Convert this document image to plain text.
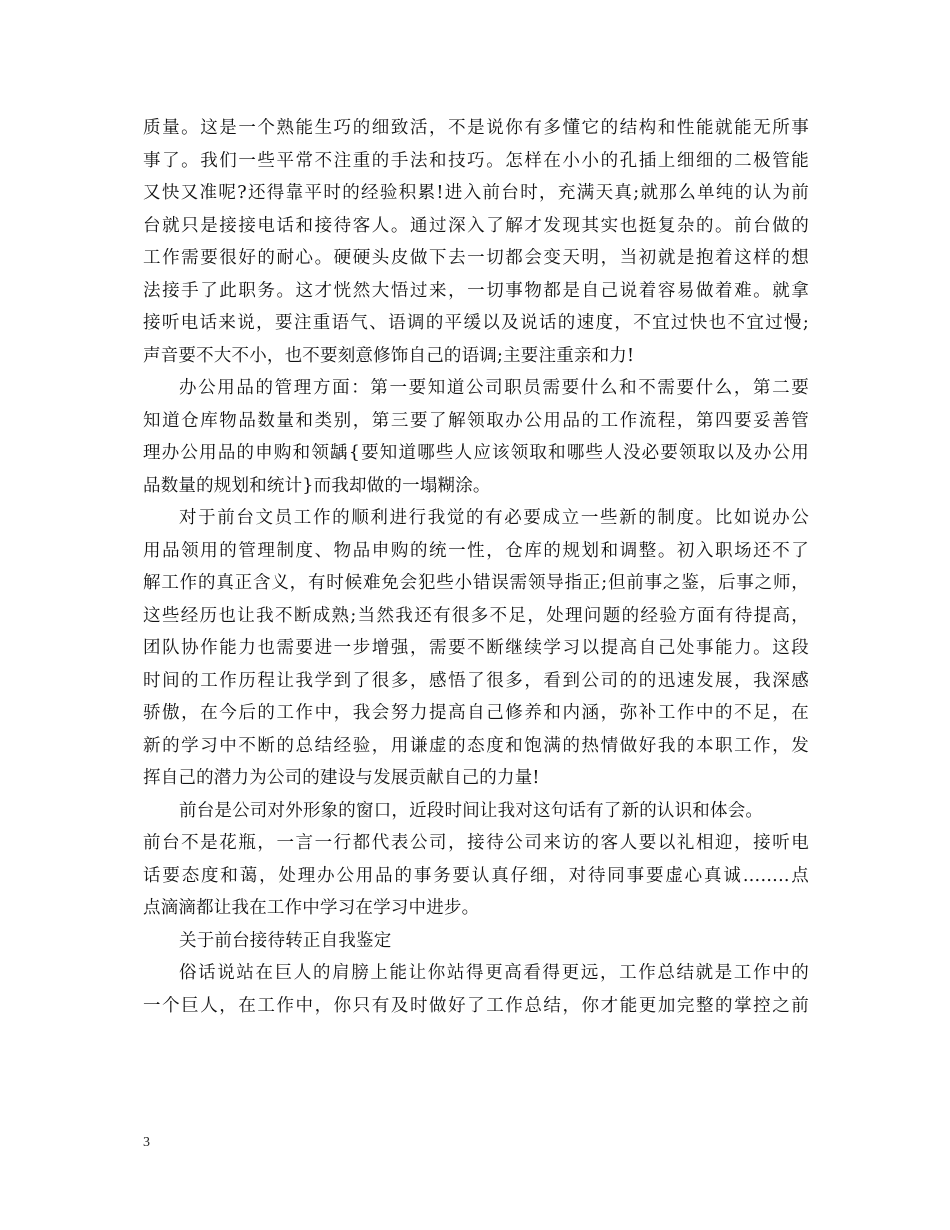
质量。这是一个熟能生巧的细致活，不是说你有多懂它的结构和性能就能无所事
事了。我们一些平常不注重的手法和技巧。怎样在小小的孔插上细细的二极管能
又快又准呢?还得靠平时的经验积累!进入前台时，充满天真;就那么单纯的认为前
台就只是接接电话和接待客人。通过深入了解才发现其实也挺复杂的。前台做的
工作需要很好的耐心。硬硬头皮做下去一切都会变天明，当初就是抱着这样的想
法接手了此职务。这才恍然大悟过来，一切事物都是自己说着容易做着难。就拿
接听电话来说，要注重语气、语调的平缓以及说话的速度，不宜过快也不宜过慢;
声音要不大不小，也不要刻意修饰自己的语调;主要注重亲和力!
办公用品的管理方面：第一要知道公司职员需要什么和不需要什么，第二要
知道仓库物品数量和类别，第三要了解领取办公用品的工作流程，第四要妥善管
理办公用品的申购和领龋{要知道哪些人应该领取和哪些人没必要领取以及办公用
品数量的规划和统计}而我却做的一塌糊涂。
对于前台文员工作的顺利进行我觉的有必要成立一些新的制度。比如说办公
用品领用的管理制度、物品申购的统一性，仓库的规划和调整。初入职场还不了
解工作的真正含义，有时候难免会犯些小错误需领导指正;但前事之鉴，后事之师，
这些经历也让我不断成熟;当然我还有很多不足，处理问题的经验方面有待提高，
团队协作能力也需要进一步增强，需要不断继续学习以提高自己处事能力。这段
时间的工作历程让我学到了很多，感悟了很多，看到公司的的迅速发展，我深感
骄傲，在今后的工作中，我会努力提高自己修养和内涵，弥补工作中的不足，在
新的学习中不断的总结经验，用谦虚的态度和饱满的热情做好我的本职工作，发
挥自己的潜力为公司的建设与发展贡献自己的力量!
前台是公司对外形象的窗口，近段时间让我对这句话有了新的认识和体会。
前台不是花瓶，一言一行都代表公司，接待公司来访的客人要以礼相迎，接听电
话要态度和蔼，处理办公用品的事务要认真仔细，对待同事要虚心真诚……..点
点滴滴都让我在工作中学习在学习中进步。
关于前台接待转正自我鉴定
俗话说站在巨人的肩膀上能让你站得更高看得更远，工作总结就是工作中的
一个巨人，在工作中，你只有及时做好了工作总结，你才能更加完整的掌控之前
3
